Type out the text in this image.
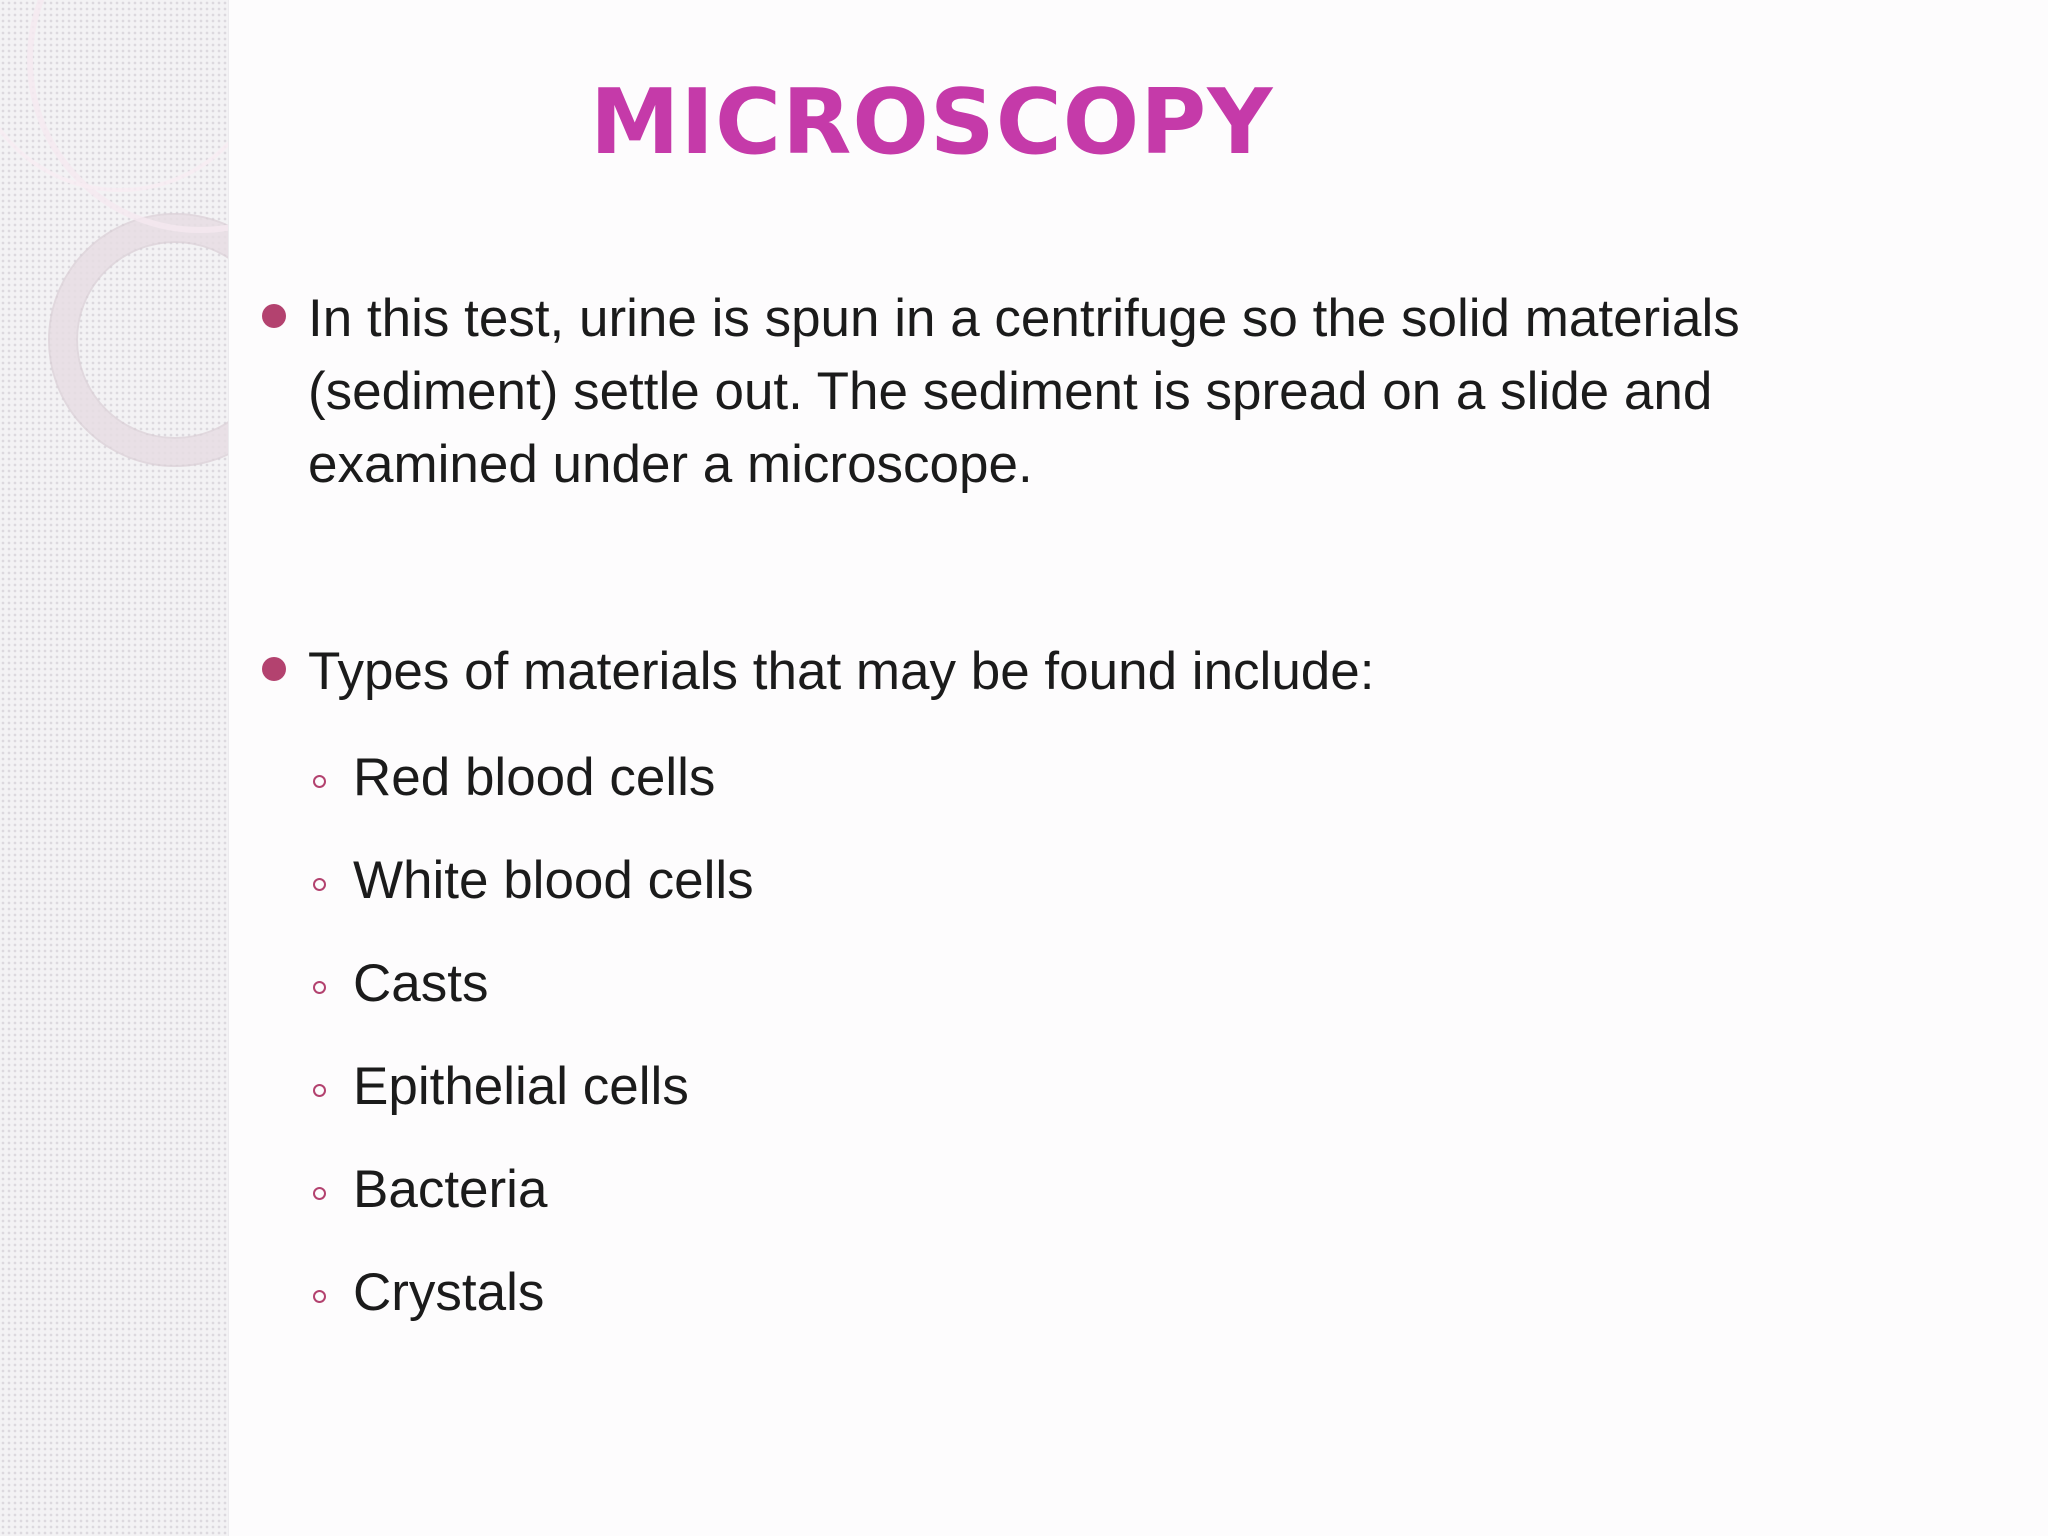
MICROSCOPY
In this test, urine is spun in a centrifuge so the solid materials (sediment) settle out. The sediment is spread on a slide and examined under a microscope.
Types of materials that may be found include:
Red blood cells
White blood cells
Casts
Epithelial cells
Bacteria
Crystals
